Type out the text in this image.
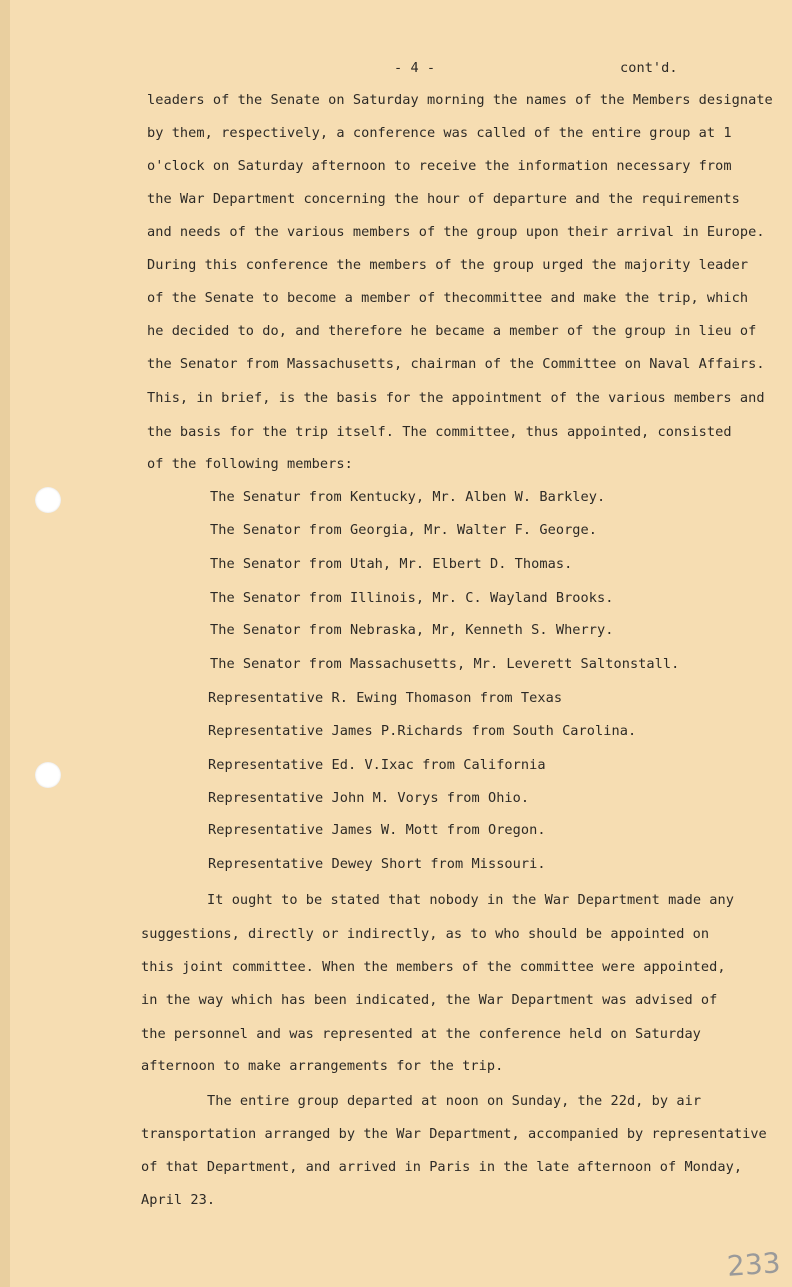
- 4 -	cont'd.
leaders of the Senate on Saturday morning the names of the Members designate
by them, respectively, a conference was called of the entire group at 1
o'clock on Saturday afternoon to receive the information necessary from
the War Department concerning the hour of departure and the requirements
and needs of the various members of the group upon their arrival in Europe.
During this conference the members of the group urged the majority leader
of the Senate to become a member of thecommittee and make the trip, which
he decided to do, and therefore he became a member of the group in lieu of
the Senator from Massachusetts, chairman of the Committee on Naval Affairs.
This, in brief, is the basis for the appointment of the various members and
the basis for the trip itself. The committee, thus appointed, consisted
of the following members:
The Senatur from Kentucky, Mr. Alben W. Barkley.
The Senator from Georgia, Mr. Walter F. George.
The Senator from Utah, Mr. Elbert D. Thomas.
The Senator from Illinois, Mr. C. Wayland Brooks.
The Senator from Nebraska, Mr, Kenneth S. Wherry.
The Senator from Massachusetts, Mr. Leverett Saltonstall.
Representative R. Ewing Thomason from Texas
Representative James P.Richards from South Carolina.
Representative Ed. V.Ixac from California
Representative John M. Vorys from Ohio.
Representative James W. Mott from Oregon.
Representative Dewey Short from Missouri.
It ought to be stated that nobody in the War Department made any
suggestions, directly or indirectly, as to who should be appointed on
this joint committee. When the members of the committee were appointed,
in the way which has been indicated, the War Department was advised of
the personnel and was represented at the conference held on Saturday
afternoon to make arrangements for the trip.
The entire group departed at noon on Sunday, the 22d, by air
transportation arranged by the War Department, accompanied by representative
of that Department, and arrived in Paris in the late afternoon of Monday,
April 23.
233
